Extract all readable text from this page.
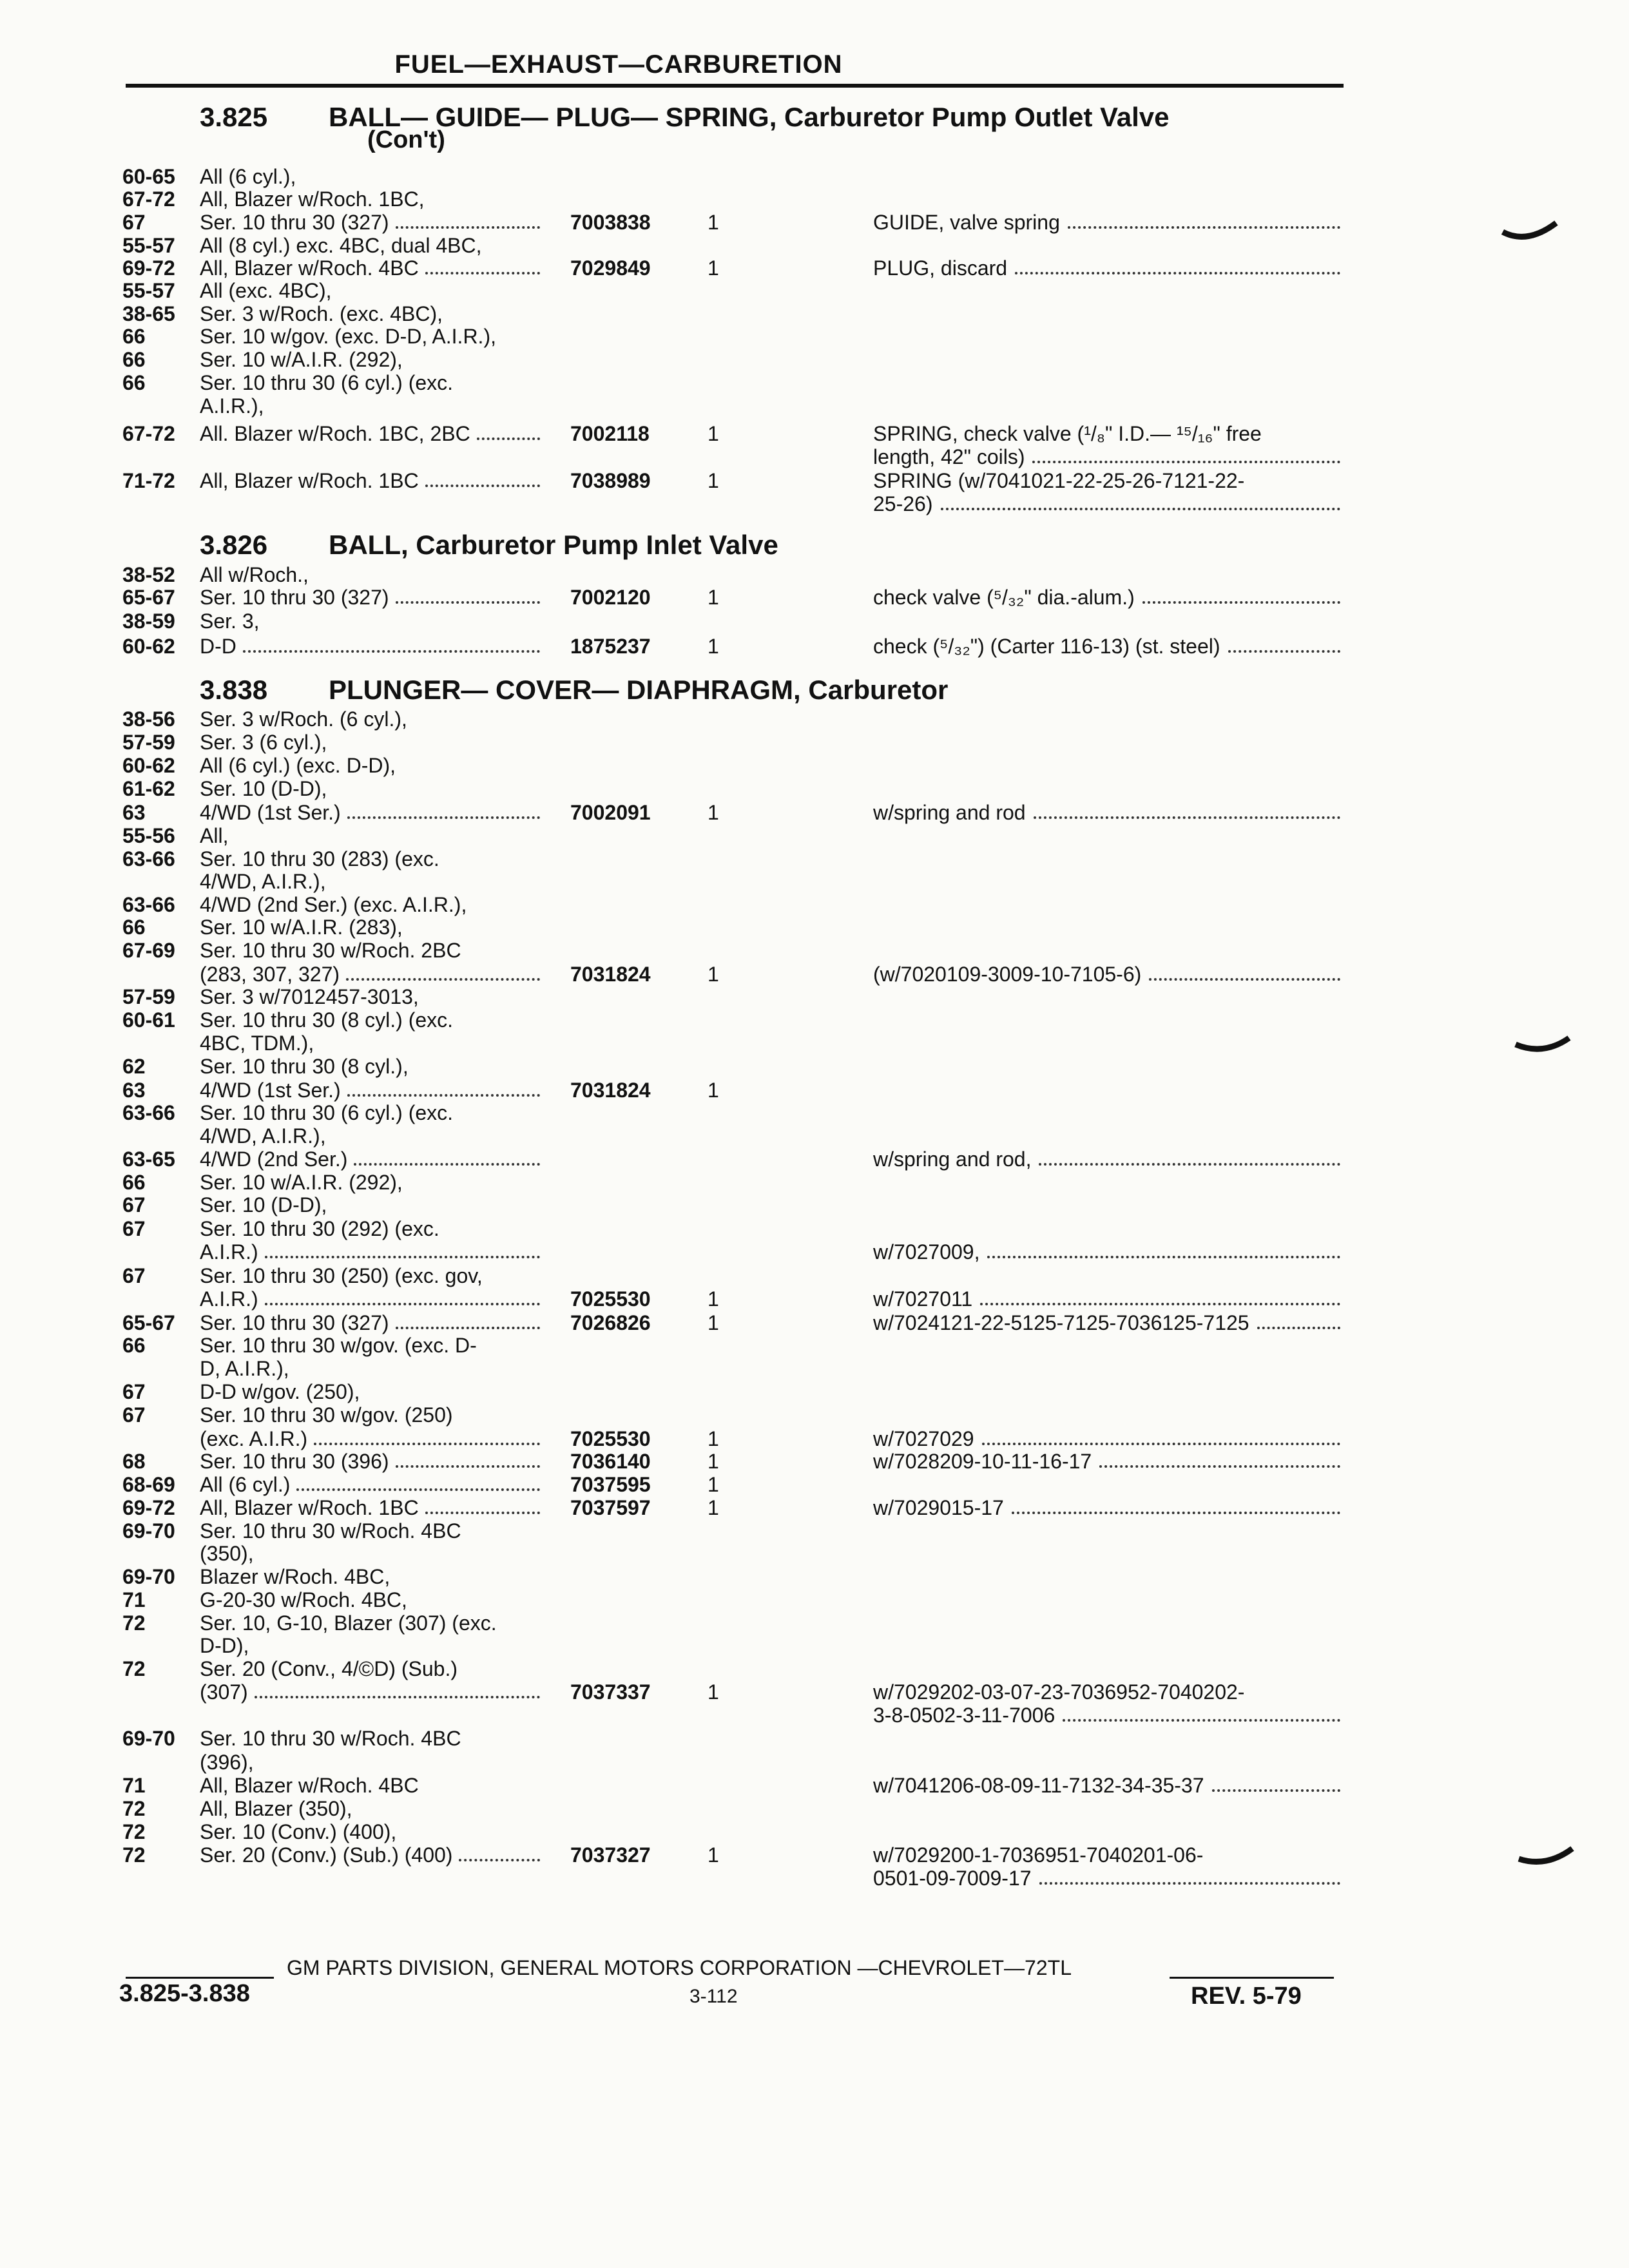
FUEL—EXHAUST—CARBURETION
3.825 BALL— GUIDE— PLUG— SPRING, Carburetor Pump Outlet Valve
(Con't)
3.826 BALL, Carburetor Pump Inlet Valve
3.838 PLUNGER— COVER— DIAPHRAGM, Carburetor
60-65 All (6 cyl.),
67-72 All, Blazer w/Roch. 1BC,
67	Ser. 10 thru 30 (327)	7003838	1	GUIDE, valve spring
55-57 All (8 cyl.) exc. 4BC, dual 4BC,
69-72 All, Blazer w/Roch. 4BC	7029849	1	PLUG, discard
55-57 All (exc. 4BC),
38-65 Ser. 3 w/Roch. (exc. 4BC),
66	Ser. 10 w/gov. (exc. D-D, A.I.R.),
66	Ser. 10 w/A.I.R. (292),
66	Ser. 10 thru 30 (6 cyl.) (exc.
A.I.R.),
67-72 All. Blazer w/Roch. 1BC, 2BC	7002118	1	SPRING, check valve (¹/₈" I.D.— ¹⁵/₁₆" free
length, 42" coils)
71-72 All, Blazer w/Roch. 1BC	7038989	1	SPRING (w/7041021-22-25-26-7121-22-
25-26)
38-52 All w/Roch.,
65-67 Ser. 10 thru 30 (327)	7002120	1	check valve (⁵/₃₂" dia.-alum.)
38-59 Ser. 3,
60-62 D-D	1875237	1	check (⁵/₃₂") (Carter 116-13) (st. steel)
38-56 Ser. 3 w/Roch. (6 cyl.),
57-59 Ser. 3 (6 cyl.),
60-62 All (6 cyl.) (exc. D-D),
61-62 Ser. 10 (D-D),
63	4/WD (1st Ser.)	7002091	1	w/spring and rod
55-56 All,
63-66 Ser. 10 thru 30 (283) (exc.
4/WD, A.I.R.),
63-66 4/WD (2nd Ser.) (exc. A.I.R.),
66	Ser. 10 w/A.I.R. (283),
67-69 Ser. 10 thru 30 w/Roch. 2BC
(283, 307, 327)	7031824	1	(w/7020109-3009-10-7105-6)
57-59 Ser. 3 w/7012457-3013,
60-61 Ser. 10 thru 30 (8 cyl.) (exc.
4BC, TDM.),
62	Ser. 10 thru 30 (8 cyl.),
63	4/WD (1st Ser.)	7031824	1
63-66 Ser. 10 thru 30 (6 cyl.) (exc.
4/WD, A.I.R.),
63-65 4/WD (2nd Ser.)	w/spring and rod,
66	Ser. 10 w/A.I.R. (292),
67	Ser. 10 (D-D),
67	Ser. 10 thru 30 (292) (exc.
A.I.R.)	w/7027009,
67	Ser. 10 thru 30 (250) (exc. gov,
A.I.R.)	7025530	1	w/7027011
65-67 Ser. 10 thru 30 (327)	7026826	1	w/7024121-22-5125-7125-7036125-7125
66	Ser. 10 thru 30 w/gov. (exc. D-
D, A.I.R.),
67	D-D w/gov. (250),
67	Ser. 10 thru 30 w/gov. (250)
(exc. A.I.R.)	7025530	1	w/7027029
68	Ser. 10 thru 30 (396)	7036140	1	w/7028209-10-11-16-17
68-69 All (6 cyl.)	7037595	1
69-72 All, Blazer w/Roch. 1BC	7037597	1	w/7029015-17
69-70 Ser. 10 thru 30 w/Roch. 4BC
(350),
69-70 Blazer w/Roch. 4BC,
71	G-20-30 w/Roch. 4BC,
72	Ser. 10, G-10, Blazer (307) (exc.
D-D),
72	Ser. 20 (Conv., 4/©D) (Sub.)
(307)	7037337	1	w/7029202-03-07-23-7036952-7040202-
3-8-0502-3-11-7006
69-70 Ser. 10 thru 30 w/Roch. 4BC
(396),
71	All, Blazer w/Roch. 4BC	w/7041206-08-09-11-7132-34-35-37
72	All, Blazer (350),
72	Ser. 10 (Conv.) (400),
72	Ser. 20 (Conv.) (Sub.) (400)	7037327	1	w/7029200-1-7036951-7040201-06-
0501-09-7009-17
GM PARTS DIVISION, GENERAL MOTORS CORPORATION —CHEVROLET—72TL
3.825-3.838	3-112	REV. 5-79
